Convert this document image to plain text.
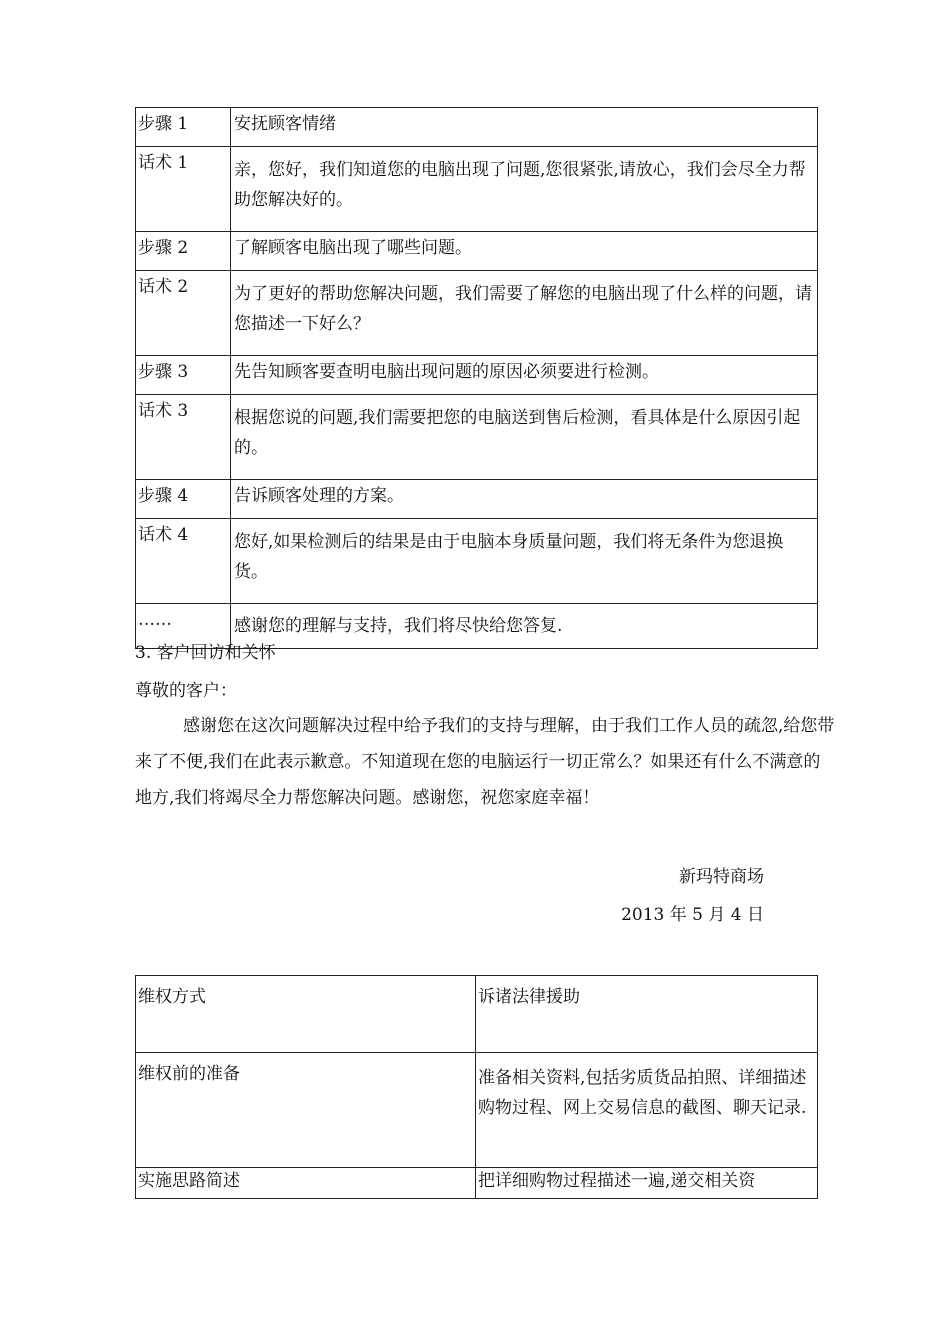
步骤 1	安抚顾客情绪
话术 1	亲，您好，我们知道您的电脑出现了问题,您很紧张,请放心，我们会尽全力帮助您解决好的。
步骤 2	了解顾客电脑出现了哪些问题。
话术 2	为了更好的帮助您解决问题，我们需要了解您的电脑出现了什么样的问题，请您描述一下好么？
步骤 3	先告知顾客要查明电脑出现问题的原因必须要进行检测。
话术 3	根据您说的问题,我们需要把您的电脑送到售后检测，看具体是什么原因引起的。
步骤 4	告诉顾客处理的方案。
话术 4	您好,如果检测后的结果是由于电脑本身质量问题，我们将无条件为您退换货。
……	感谢您的理解与支持，我们将尽快给您答复.
3. 客户回访和关怀
尊敬的客户：

感谢您在这次问题解决过程中给予我们的支持与理解，由于我们工作人员的疏忽,给您带来了不便,我们在此表示歉意。不知道现在您的电脑运行一切正常么？如果还有什么不满意的地方,我们将竭尽全力帮您解决问题。感谢您，祝您家庭幸福！

新玛特商场
2013 年 5 月 4 日
维权方式	诉诸法律援助
维权前的准备	准备相关资料,包括劣质货品拍照、详细描述购物过程、网上交易信息的截图、聊天记录.
实施思路简述	把详细购物过程描述一遍,递交相关资
